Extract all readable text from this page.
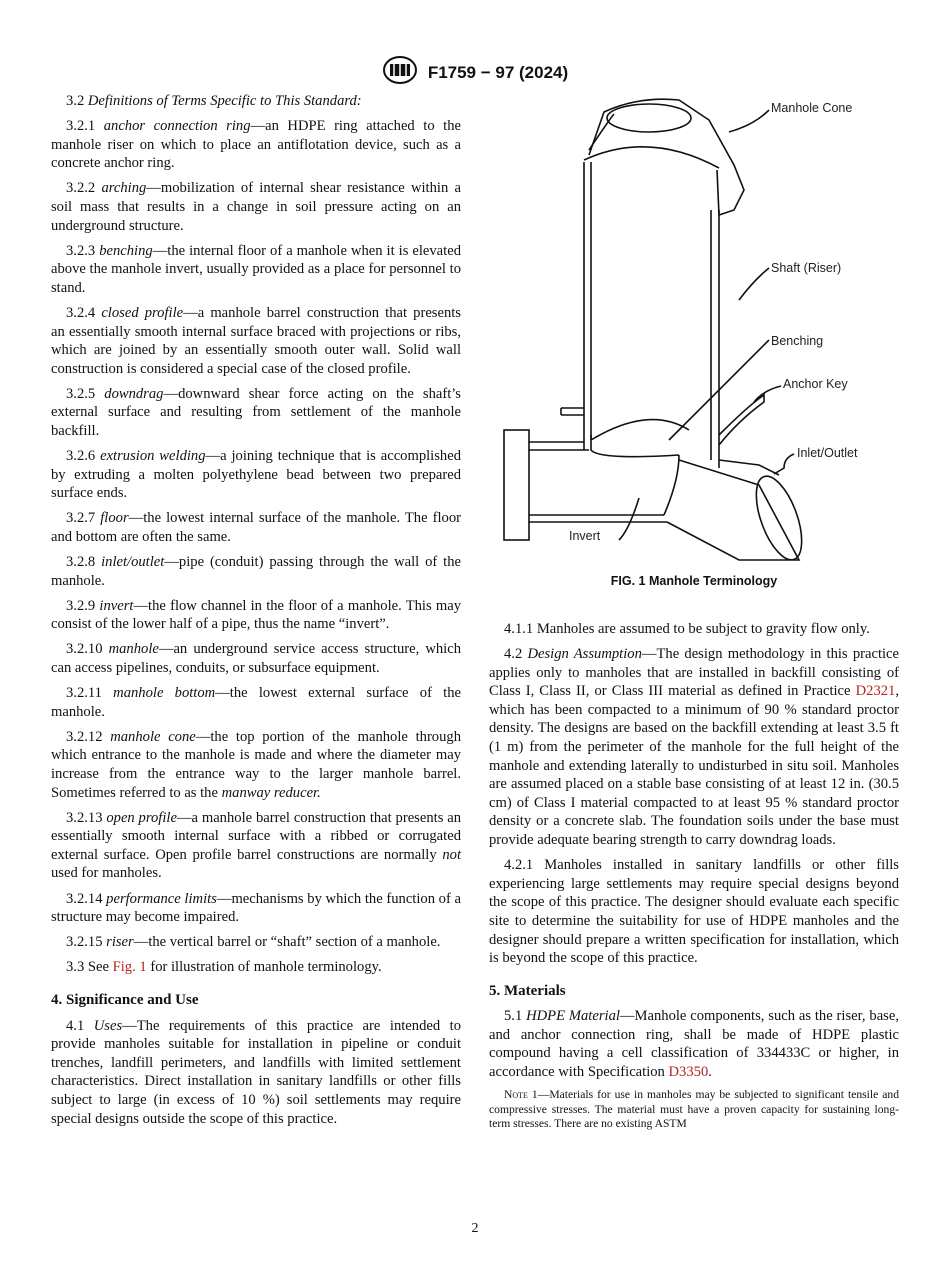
F1759 − 97 (2024)

3.2 Definitions of Terms Specific to This Standard:

3.2.1 anchor connection ring—an HDPE ring attached to the manhole riser on which to place an antiflotation device, such as a concrete anchor ring.

3.2.2 arching—mobilization of internal shear resistance within a soil mass that results in a change in soil pressure acting on an underground structure.

3.2.3 benching—the internal floor of a manhole when it is elevated above the manhole invert, usually provided as a place for personnel to stand.

3.2.4 closed profile—a manhole barrel construction that presents an essentially smooth internal surface braced with projections or ribs, which are joined by an essentially smooth outer wall. Solid wall construction is considered a special case of the closed profile.

3.2.5 downdrag—downward shear force acting on the shaft’s external surface and resulting from settlement of the manhole backfill.

3.2.6 extrusion welding—a joining technique that is accomplished by extruding a molten polyethylene bead between two prepared surface ends.

3.2.7 floor—the lowest internal surface of the manhole. The floor and bottom are often the same.

3.2.8 inlet/outlet—pipe (conduit) passing through the wall of the manhole.

3.2.9 invert—the flow channel in the floor of a manhole. This may consist of the lower half of a pipe, thus the name “invert”.

3.2.10 manhole—an underground service access structure, which can access pipelines, conduits, or subsurface equipment.

3.2.11 manhole bottom—the lowest external surface of the manhole.

3.2.12 manhole cone—the top portion of the manhole through which entrance to the manhole is made and where the diameter may increase from the entrance way to the larger manhole barrel. Sometimes referred to as the manway reducer.

3.2.13 open profile—a manhole barrel construction that presents an essentially smooth internal surface with a ribbed or corrugated external surface. Open profile barrel constructions are normally not used for manholes.

3.2.14 performance limits—mechanisms by which the function of a structure may become impaired.

3.2.15 riser—the vertical barrel or “shaft” section of a manhole.

3.3 See Fig. 1 for illustration of manhole terminology.

4. Significance and Use

4.1 Uses—The requirements of this practice are intended to provide manholes suitable for installation in pipeline or conduit trenches, landfill perimeters, and landfills with limited settlement characteristics. Direct installation in sanitary landfills or other fills subject to large (in excess of 10 %) soil settlements may require special designs outside the scope of this practice.

Manhole Cone
Shaft (Riser)
Benching
Anchor Key
Inlet/Outlet
Invert
FIG. 1 Manhole Terminology

4.1.1 Manholes are assumed to be subject to gravity flow only.

4.2 Design Assumption—The design methodology in this practice applies only to manholes that are installed in backfill consisting of Class I, Class II, or Class III material as defined in Practice D2321, which has been compacted to a minimum of 90 % standard proctor density. The designs are based on the backfill extending at least 3.5 ft (1 m) from the perimeter of the manhole for the full height of the manhole and extending laterally to undisturbed in situ soil. Manholes are assumed placed on a stable base consisting of at least 12 in. (30.5 cm) of Class I material compacted to at least 95 % standard proctor density or a concrete slab. The foundation soils under the base must provide adequate bearing strength to carry downdrag loads.

4.2.1 Manholes installed in sanitary landfills or other fills experiencing large settlements may require special designs beyond the scope of this practice. The designer should evaluate each specific site to determine the suitability for use of HDPE manholes and the designer should prepare a written specification for installation, which is beyond the scope of this practice.

5. Materials

5.1 HDPE Material—Manhole components, such as the riser, base, and anchor connection ring, shall be made of HDPE plastic compound having a cell classification of 334433C or higher, in accordance with Specification D3350.

Note 1—Materials for use in manholes may be subjected to significant tensile and compressive stresses. The material must have a proven capacity for sustaining long-term stresses. There are no existing ASTM

2
